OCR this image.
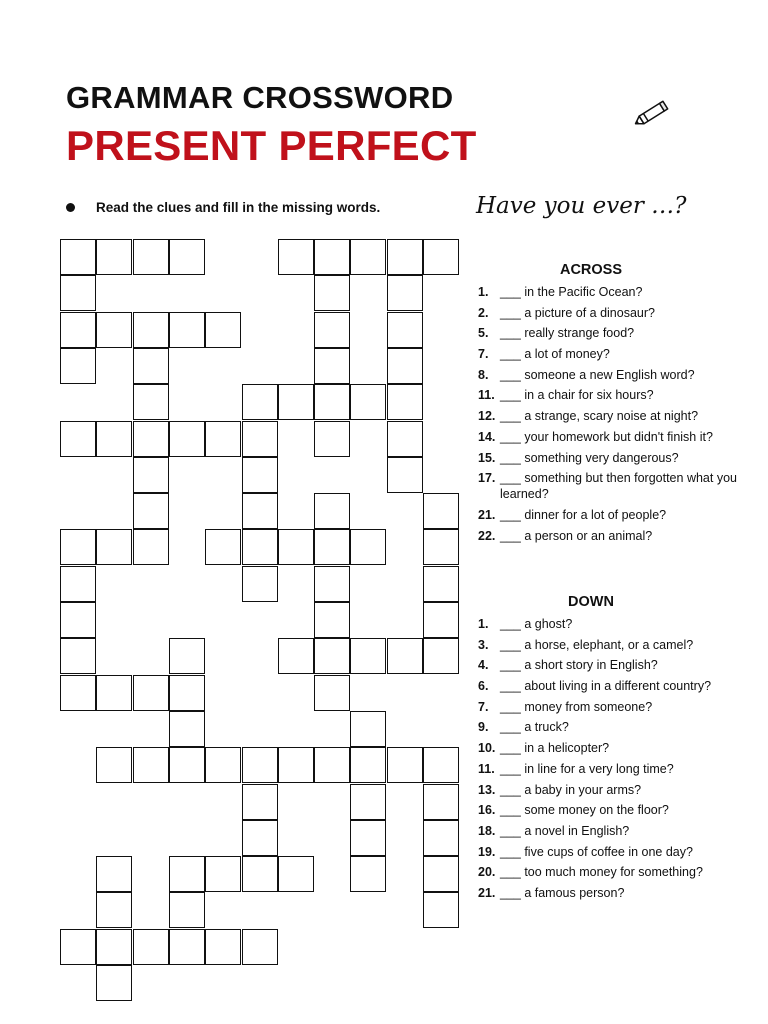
GRAMMAR CROSSWORD
PRESENT PERFECT
Read the clues and fill in the missing words.	Have you ever …?
ACROSS
1. ___ in the Pacific Ocean?
2. ___ a picture of a dinosaur?
5. ___ really strange food?
7. ___ a lot of money?
8. ___ someone a new English word?
11. ___ in a chair for six hours?
12. ___ a strange, scary noise at night?
14. ___ your homework but didn't finish it?
15. ___ something very dangerous?
17. ___ something but then forgotten what you learned?
21. ___ dinner for a lot of people?
22. ___ a person or an animal?
DOWN
1. ___ a ghost?
3. ___ a horse, elephant, or a camel?
4. ___ a short story in English?
6. ___ about living in a different country?
7. ___ money from someone?
9. ___ a truck?
10. ___ in a helicopter?
11. ___ in line for a very long time?
13. ___ a baby in your arms?
16. ___ some money on the floor?
18. ___ a novel in English?
19. ___ five cups of coffee in one day?
20. ___ too much money for something?
21. ___ a famous person?
